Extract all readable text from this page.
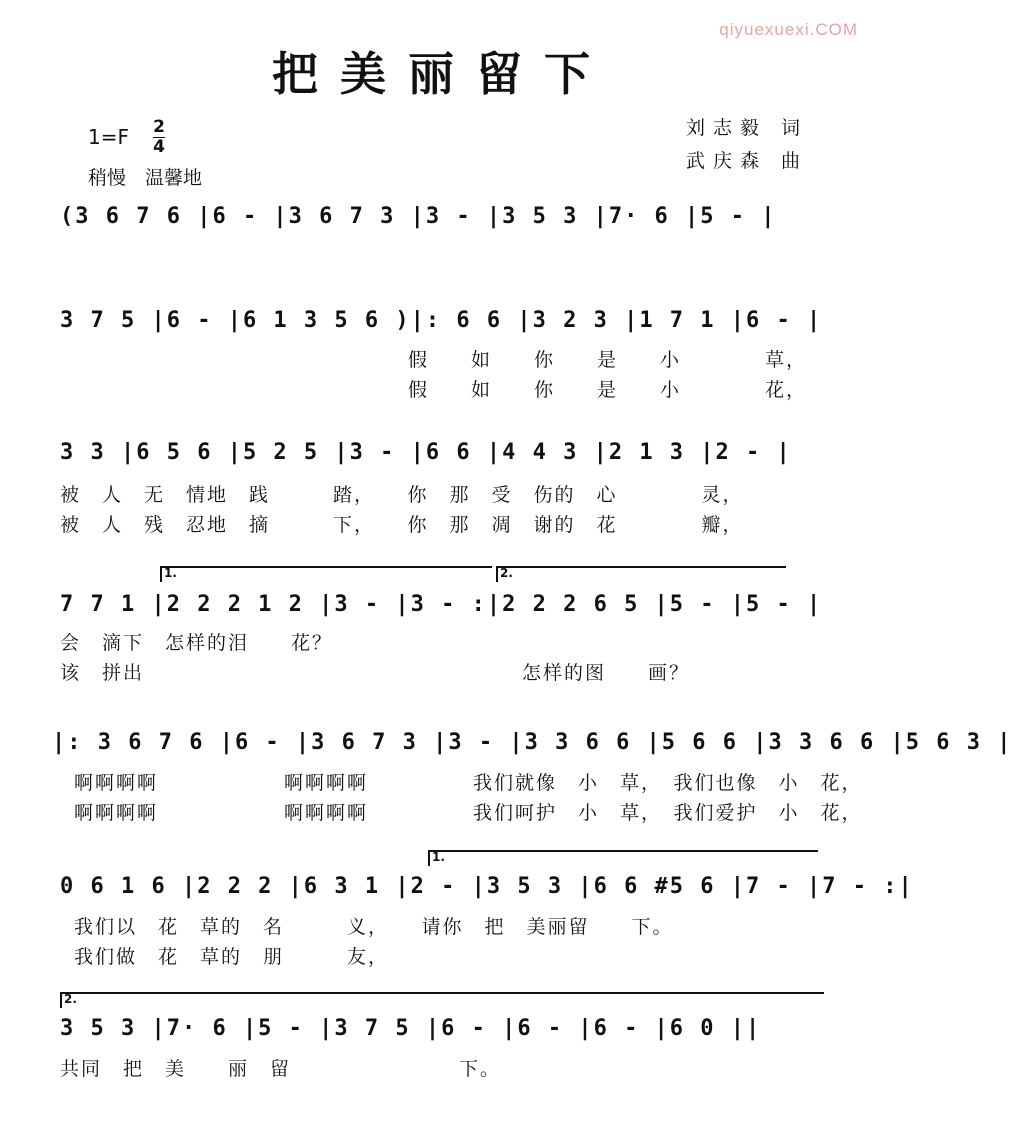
qiyuexuexi.COM
把美丽留下
1=F 2
4
稍慢　温馨地
刘志毅 词
武庆森 曲
(3 6 7 6 |6 - |3 6 7 3 |3 - |3 5 3 |7· 6 |5 - |
3 7 5 |6 - |6 1 3 5 6 )|: 6 6 |3 2 3 |1 7 1 |6 - |
假　　如　　你　　是　　小　　　　草，
假　　如　　你　　是　　小　　　　花，
3 3 |6 5 6 |5 2 5 |3 - |6 6 |4 4 3 |2 1 3 |2 - |
被　人　无　情地　践　　　踏，　　你　那　受　伤的　心　　　　灵，
被　人　残　忍地　摘　　　下，　　你　那　凋　谢的　花　　　　瓣，
1.	2.
7 7 1 |2 2 2 1 2 |3 - |3 - :|2 2 2 6 5 |5 - |5 - |
会　滴下　怎样的泪　　花？
该　拼出　　　　　　　　　　　　　　　　　　怎样的图　　画？
|: 3 6 7 6 |6 - |3 6 7 3 |3 - |3 3 6 6 |5 6 6 |3 3 6 6 |5 6 3 |
啊啊啊啊　　　　　　啊啊啊啊　　　　　我们就像　小　草，　我们也像　小　花，
啊啊啊啊　　　　　　啊啊啊啊　　　　　我们呵护　小　草，　我们爱护　小　花，
1.
0 6 1 6 |2 2 2 |6 3 1 |2 - |3 5 3 |6 6 #5 6 |7 - |7 - :|
我们以　花　草的　名　　　义，　　请你　把　美丽留　　下。
我们做　花　草的　朋　　　友，
2.
3 5 3 |7· 6 |5 - |3 7 5 |6 - |6 - |6 - |6 0 ||
共同　把　美　　丽　留　　　　　　　　下。
